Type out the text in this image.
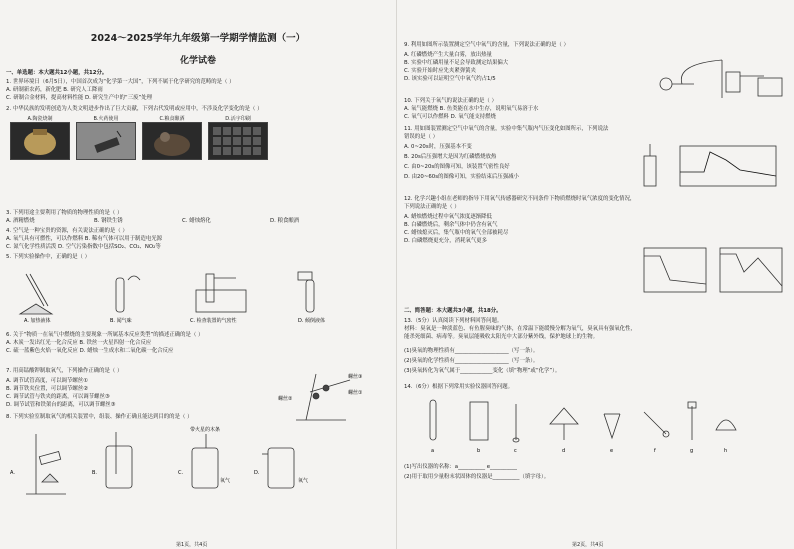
2024～2025学年九年级第一学期学情监测（一）
化学试卷
一、单选题：本大题共12小题，共12分。
1. 世界环境日（6月5日），中国首次成为“化学第一大国”，下列不属于化学研究的范畴的是（ ）
A. 研制新农药，新化肥 B. 研究人工降雨
C. 研制合金材料，提高材料性能 D. 研究生产中的“三废”处理
2. 中华民族的发明创造为人类文明进步作出了巨大贡献，下列古代发明或应用中，不涉及化学变化的是（ ）
A.陶瓷烧制	B.火药使用	C.粮食酿酒	D.活字印刷
3. 下列用途主要利用了物质的物理性质的是（ ）
A. 酒精燃烧	B. 钢铁生锈	C. 蜡烛熔化	D. 粮食酿酒
4. 空气是一种宝贵的资源，有关说法正确的是（ ）
A. 氧气具有可燃性，可以作燃料 B. 稀有气体可以用于制造电光源
C. 氮气化学性质活泼 D. 空气污染指数中包括SO₂、CO₂、NO₂等
5. 下列实验操作中，正确的是（ ）
A. 加热液体	B. 闻气味	C. 检查装置的气密性	D. 倾倒液体
6. 关于“物质一在氧气中燃烧的主要现象一所属基本反应类型”的描述正确的是（ ）
A. 木炭一发出红光一化合反应 B. 铁丝一火星四射一化合反应
C. 硫一蓝紫色火焰一氧化反应 D. 蜡烛一生成水和二氧化碳一化合反应
7. 用高锰酸钾制取氧气，下列操作正确的是（ ）
A. 调节试管高度，可以调节螺丝①
B. 调节铁夹位置，可以调节螺丝②
C. 调节试管与铁夹的距离，可以调节螺丝③
D. 调节试管和铁架台的距离，可以调节螺丝③
螺丝③
螺丝①
螺丝②
8. 下列实验室制取氧气的相关装置中，组装、操作正确且能达到目的的是（ ）
A.	B.	C.	D.
带火星的木条
氧气	氧气
第1页，共4页
9. 利用如图所示装置测定空气中氧气的含量，下列说法正确的是（ ）
A. 红磷燃烧产生大量白雾，放出热量
B. 实验中红磷用量不足会导致测定结果偏大
C. 实验开始时应先夹紧弹簧夹
D. 该实验可以证明空气中氧气约占1/5
10. 下列关于氧气的说法正确的是（ ）
A. 氧气能燃烧 B. 鱼类能在水中生存，说明氧气易溶于水
C. 氧气可以作燃料 D. 氧气能支持燃烧
11. 用如图装置测定空气中氧气的含量，实验中集气瓶内气压变化如图所示，下列说法
错误的是（ ）
A. 0~20s时，压强基本不变
B. 20s后压强增大是因为红磷燃烧放热
C. 由0~20s的图像可知，该装置气密性良好
D. 由20~60s的图像可知，实验结束后压强减小
12. 化学兴趣小组在老师的指导下用氧气传感器研究不同条件下物质燃烧时氧气浓度的变化情况，
下列说法正确的是（ ）
A. 蜡烛燃烧过程中氧气浓度逐渐降低
B. 白磷燃烧后，剩余气体中仍含有氧气
C. 蜡烛熄灭后，集气瓶中的氧气全部被耗尽
D. 白磷燃烧更充分，消耗氧气更多
二、简答题：本大题共3小题，共18分。
13.（5分）认真阅读下列材料回答问题。
材料：臭氧是一种淡蓝色、有鱼腥臭味的气体，在常温下能缓慢分解为氧气，臭氧具有强氧化性，
能杀死细菌、病毒等。臭氧层能吸收太阳光中大部分紫外线，保护地球上的生物。
(1)臭氧的物理性质有____________________（写一条）。
(2)臭氧的化学性质有____________________（写一条）。
(3)臭氧转化为氧气属于____________变化（填“物理”或“化学”）。
14.（6分）根据下列常用实验仪器回答问题。
a	b	c	d	e	f	g	h
(1)写出仪器的名称：a__________ e__________
(2)用于取用少量粉末状固体的仪器是__________（填字母）。
第2页，共4页
